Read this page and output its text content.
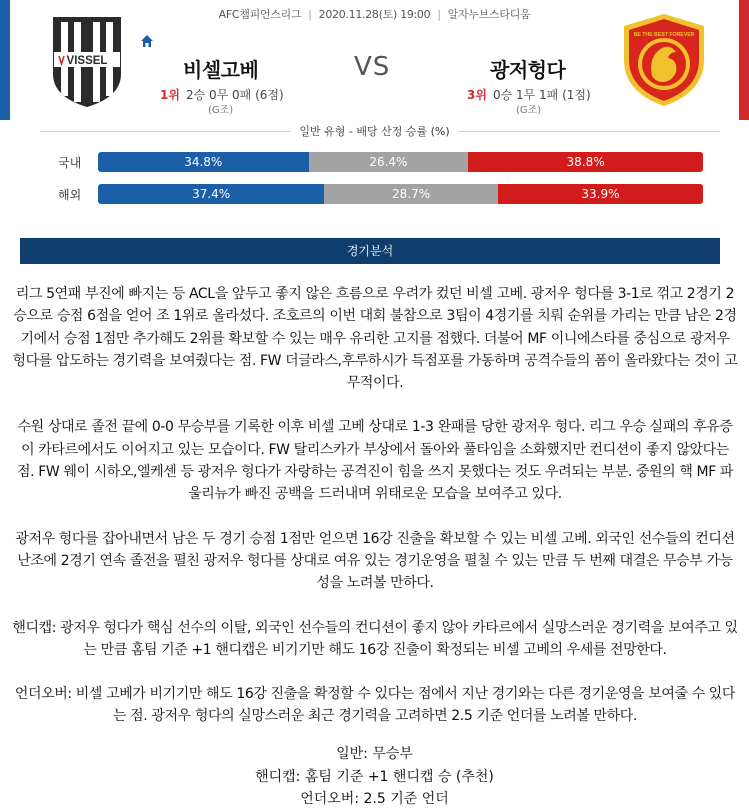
AFC챔피언스리그 | 2020.11.28(토) 19:00 | 알자누브스타디움
VISSEL
BE THE BEST FOREVER
비셀고베	VS	광저헝다
1위 2승 0무 0패 (6점)
(G조)
3위 0승 1무 1패 (1점)
(G조)
일반 유형 - 배당 산정 승률 (%)
국내	34.8%	26.4%	38.8%
해외	37.4%	28.7%	33.9%
경기분석

리그 5연패 부진에 빠지는 등 ACL을 앞두고 좋지 않은 흐름으로 우려가 컸던 비셀 고베. 광저우 헝다를 3-1로 꺾고 2경기 2승으로 승점 6점을 얻어 조 1위로 올라섰다. 조호르의 이번 대회 불참으로 3팀이 4경기를 치뤄 순위를 가리는 만큼 남은 2경기에서 승점 1점만 추가해도 2위를 확보할 수 있는 매우 유리한 고지를 점했다. 더불어 MF 이니에스타를 중심으로 광저우 헝다를 압도하는 경기력을 보여줬다는 점. FW 더글라스,후루하시가 득점포를 가동하며 공격수들의 폼이 올라왔다는 것이 고무적이다.

수원 상대로 졸전 끝에 0-0 무승부를 기록한 이후 비셀 고베 상대로 1-3 완패를 당한 광저우 헝다. 리그 우승 실패의 후유증이 카타르에서도 이어지고 있는 모습이다. FW 탈리스카가 부상에서 돌아와 풀타임을 소화했지만 컨디션이 좋지 않았다는 점. FW 웨이 시하오,엘케센 등 광저우 헝다가 자랑하는 공격진이 힘을 쓰지 못했다는 것도 우려되는 부분. 중원의 핵 MF 파울리뉴가 빠진 공백을 드러내며 위태로운 모습을 보여주고 있다.

광저우 헝다를 잡아내면서 남은 두 경기 승점 1점만 얻으면 16강 진출을 확보할 수 있는 비셀 고베. 외국인 선수들의 컨디션 난조에 2경기 연속 졸전을 펼친 광저우 헝다를 상대로 여유 있는 경기운영을 펼칠 수 있는 만큼 두 번째 대결은 무승부 가능성을 노려볼 만하다.

핸디캡: 광저우 헝다가 핵심 선수의 이탈, 외국인 선수들의 컨디션이 좋지 않아 카타르에서 실망스러운 경기력을 보여주고 있는 만큼 홈팀 기준 +1 핸디캡은 비기기만 해도 16강 진출이 확정되는 비셀 고베의 우세를 전망한다.

언더오버: 비셀 고베가 비기기만 해도 16강 진출을 확정할 수 있다는 점에서 지난 경기와는 다른 경기운영을 보여줄 수 있다는 점. 광저우 헝다의 실망스러운 최근 경기력을 고려하면 2.5 기준 언더를 노려볼 만하다.

일반: 무승부
핸디캡: 홈팀 기준 +1 핸디캡 승 (추천)
언더오버: 2.5 기준 언더
